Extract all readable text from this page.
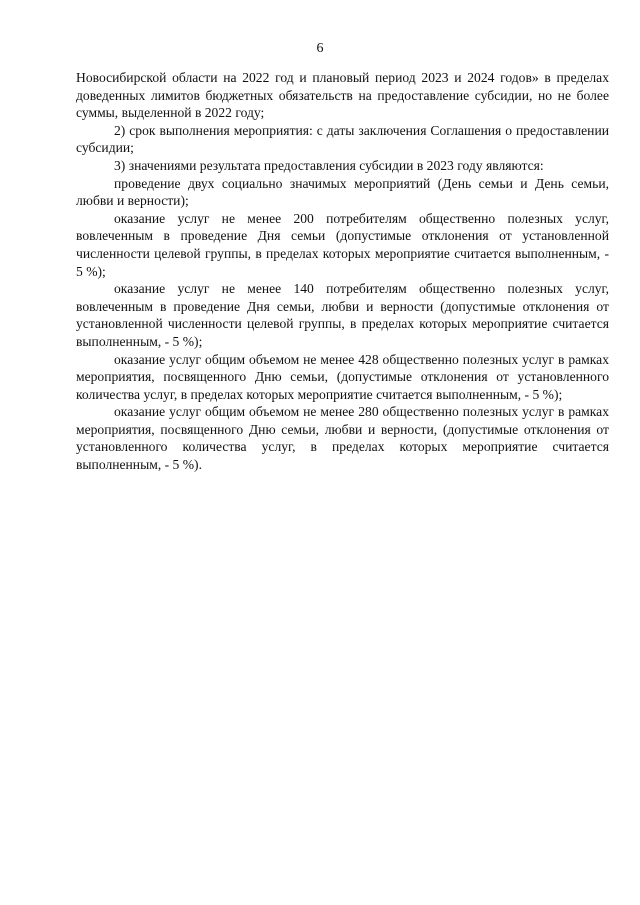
6

Новосибирской области на 2022 год и плановый период 2023 и 2024 годов» в пределах доведенных лимитов бюджетных обязательств на предоставление субсидии, но не более суммы, выделенной в 2022 году;

2) срок выполнения мероприятия: с даты заключения Соглашения о предоставлении субсидии;

3) значениями результата предоставления субсидии в 2023 году являются:

проведение двух социально значимых мероприятий (День семьи и День семьи, любви и верности);

оказание услуг не менее 200 потребителям общественно полезных услуг, вовлеченным в проведение Дня семьи (допустимые отклонения от установленной численности целевой группы, в пределах которых мероприятие считается выполненным, - 5 %);

оказание услуг не менее 140 потребителям общественно полезных услуг, вовлеченным в проведение Дня семьи, любви и верности (допустимые отклонения от установленной численности целевой группы, в пределах которых мероприятие считается выполненным, - 5 %);

оказание услуг общим объемом не менее 428 общественно полезных услуг в рамках мероприятия, посвященного Дню семьи, (допустимые отклонения от установленного количества услуг, в пределах которых мероприятие считается выполненным, - 5 %);

оказание услуг общим объемом не менее 280 общественно полезных услуг в рамках мероприятия, посвященного Дню семьи, любви и верности, (допустимые отклонения от установленного количества услуг, в пределах которых мероприятие считается выполненным, - 5 %).
